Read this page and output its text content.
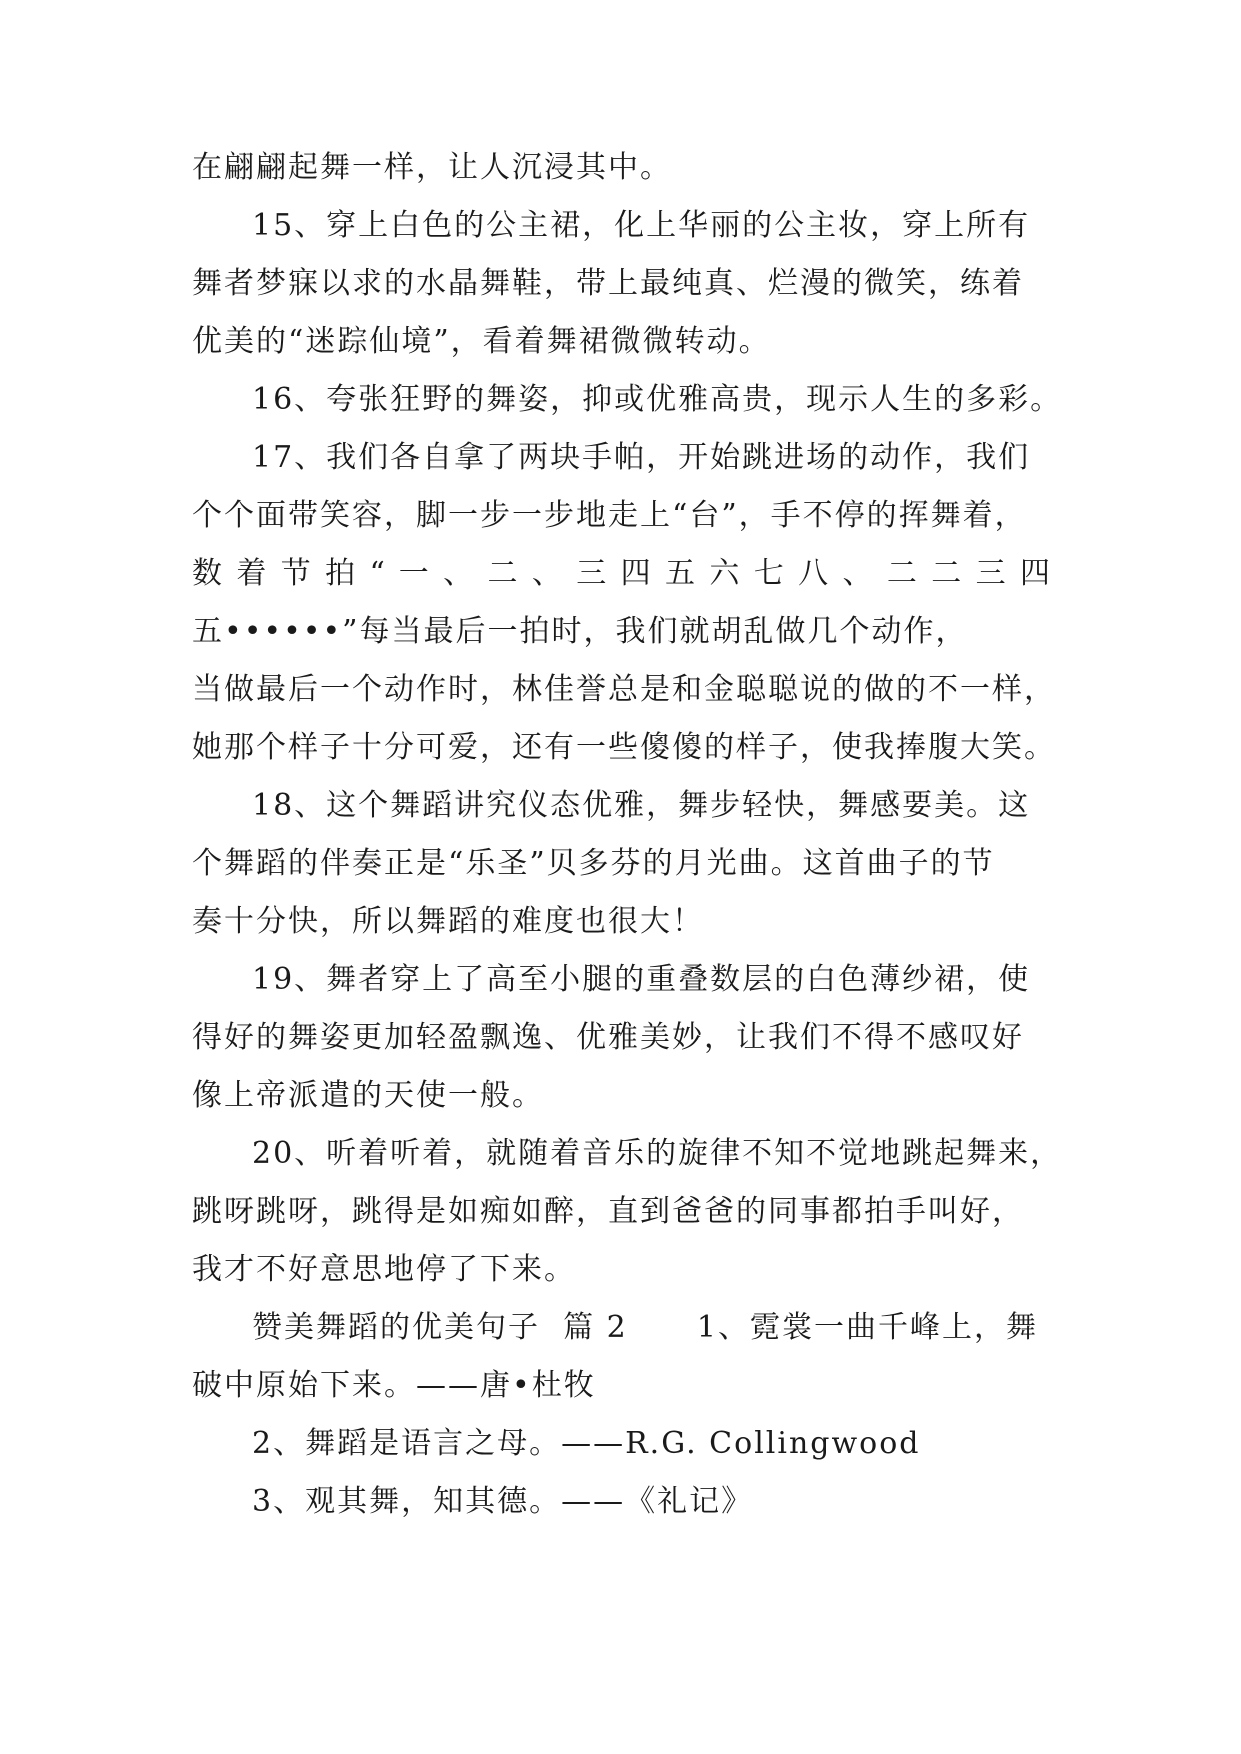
在翩翩起舞一样，让人沉浸其中。
15、穿上白色的公主裙，化上华丽的公主妆，穿上所有
舞者梦寐以求的水晶舞鞋，带上最纯真、烂漫的微笑，练着
优美的“迷踪仙境”，看着舞裙微微转动。
16、夸张狂野的舞姿，抑或优雅高贵，现示人生的多彩。
17、我们各自拿了两块手帕，开始跳进场的动作，我们
个个面带笑容，脚一步一步地走上“台”，手不停的挥舞着，
数 着 节 拍 “ 一 、 二 、 三 四 五 六 七 八 、 二 二 三 四
五••••••”每当最后一拍时，我们就胡乱做几个动作，
当做最后一个动作时，林佳誉总是和金聪聪说的做的不一样，
她那个样子十分可爱，还有一些傻傻的样子，使我捧腹大笑。
18、这个舞蹈讲究仪态优雅，舞步轻快，舞感要美。这
个舞蹈的伴奏正是“乐圣”贝多芬的月光曲。这首曲子的节
奏十分快，所以舞蹈的难度也很大！
19、舞者穿上了高至小腿的重叠数层的白色薄纱裙，使
得好的舞姿更加轻盈飘逸、优雅美妙，让我们不得不感叹好
像上帝派遣的天使一般。
20、听着听着，就随着音乐的旋律不知不觉地跳起舞来，
跳呀跳呀，跳得是如痴如醉，直到爸爸的同事都拍手叫好，
我才不好意思地停了下来。
赞美舞蹈的优美句子  篇 2      1、霓裳一曲千峰上，舞
破中原始下来。——唐•杜牧
2、舞蹈是语言之母。——R.G. Collingwood
3、观其舞，知其德。——《礼记》
